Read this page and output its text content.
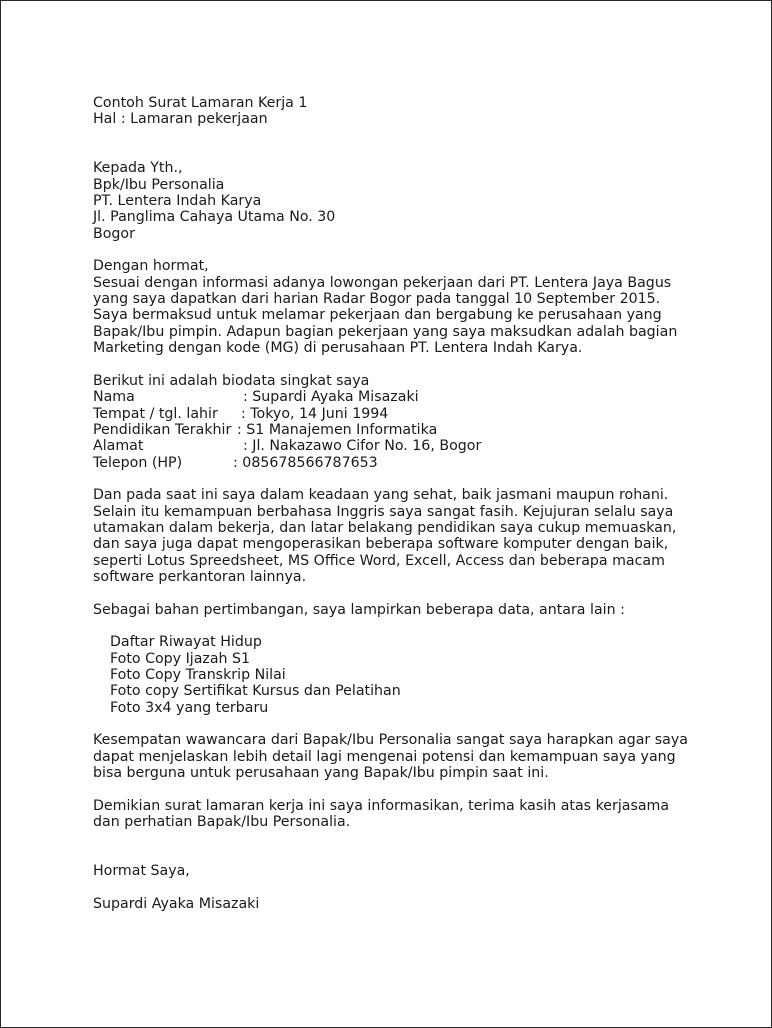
Contoh Surat Lamaran Kerja 1

Hal : Lamaran pekerjaan

Kepada Yth.,

Bpk/Ibu Personalia

PT. Lentera Indah Karya

Jl. Panglima Cahaya Utama No. 30

Bogor

Dengan hormat,

Sesuai dengan informasi adanya lowongan pekerjaan dari PT. Lentera Jaya Bagus

yang saya dapatkan dari harian Radar Bogor pada tanggal 10 September 2015.

Saya bermaksud untuk melamar pekerjaan dan bergabung ke perusahaan yang

Bapak/Ibu pimpin. Adapun bagian pekerjaan yang saya maksudkan adalah bagian

Marketing dengan kode (MG) di perusahaan PT. Lentera Indah Karya.

Berikut ini adalah biodata singkat saya

Nama	: Supardi Ayaka Misazaki
Tempat / tgl. lahir : Tokyo, 14 Juni 1994
Pendidikan Terakhir : S1 Manajemen Informatika
Alamat	: Jl. Nakazawo Cifor No. 16, Bogor
Telepon (HP)	: 085678566787653

Dan pada saat ini saya dalam keadaan yang sehat, baik jasmani maupun rohani.

Selain itu kemampuan berbahasa Inggris saya sangat fasih. Kejujuran selalu saya

utamakan dalam bekerja, dan latar belakang pendidikan saya cukup memuaskan,

dan saya juga dapat mengoperasikan beberapa software komputer dengan baik,

seperti Lotus Spreedsheet, MS Office Word, Excell, Access dan beberapa macam

software perkantoran lainnya.

Sebagai bahan pertimbangan, saya lampirkan beberapa data, antara lain :

Daftar Riwayat Hidup

Foto Copy Ijazah S1

Foto Copy Transkrip Nilai

Foto copy Sertifikat Kursus dan Pelatihan

Foto 3x4 yang terbaru

Kesempatan wawancara dari Bapak/Ibu Personalia sangat saya harapkan agar saya

dapat menjelaskan lebih detail lagi mengenai potensi dan kemampuan saya yang

bisa berguna untuk perusahaan yang Bapak/Ibu pimpin saat ini.

Demikian surat lamaran kerja ini saya informasikan, terima kasih atas kerjasama

dan perhatian Bapak/Ibu Personalia.

Hormat Saya,

Supardi Ayaka Misazaki
